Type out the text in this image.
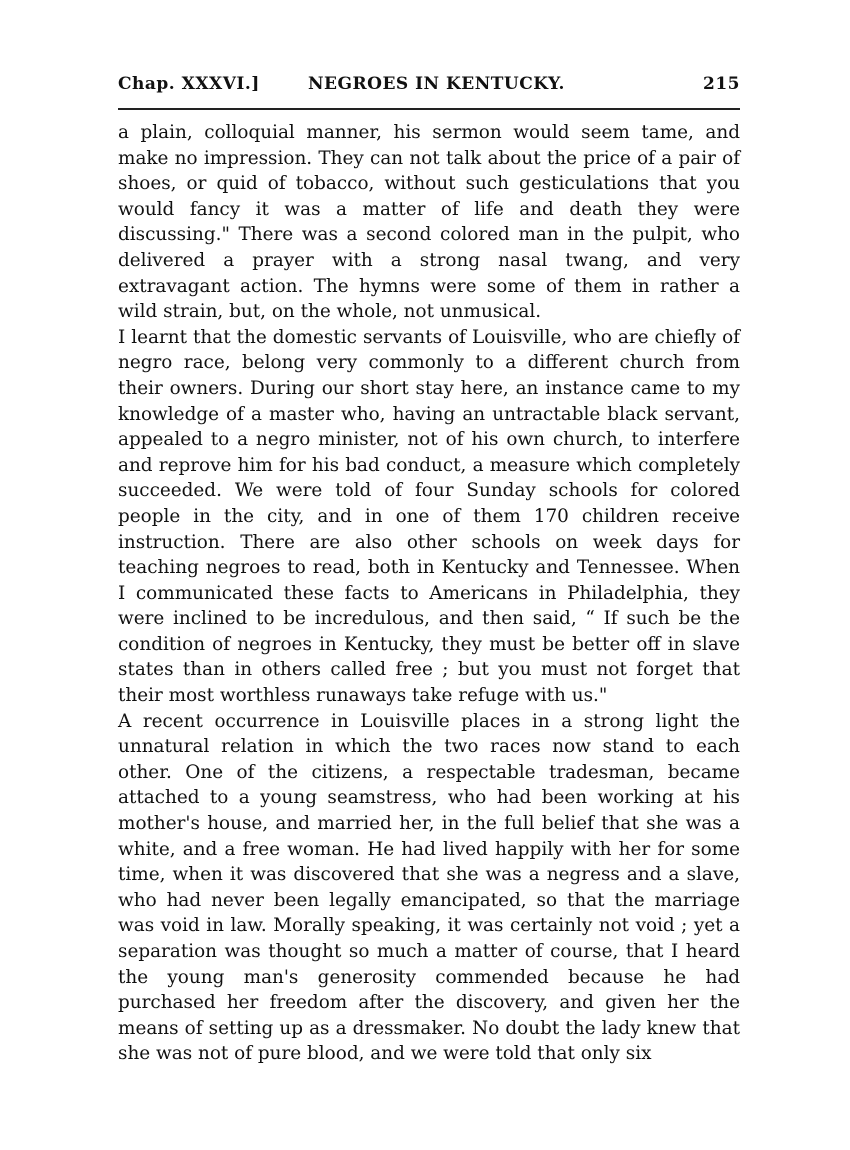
Chap. XXXVI.]	NEGROES IN KENTUCKY.	215

a plain, colloquial manner, his sermon would seem tame, and make no impression. They can not talk about the price of a pair of shoes, or quid of tobacco, without such gesticulations that you would fancy it was a matter of life and death they were discussing." There was a second colored man in the pulpit, who delivered a prayer with a strong nasal twang, and very extravagant action. The hymns were some of them in rather a wild strain, but, on the whole, not unmusical.

I learnt that the domestic servants of Louisville, who are chiefly of negro race, belong very commonly to a different church from their owners. During our short stay here, an instance came to my knowledge of a master who, having an untractable black servant, appealed to a negro minister, not of his own church, to interfere and reprove him for his bad conduct, a measure which completely succeeded. We were told of four Sunday schools for colored people in the city, and in one of them 170 children receive instruction. There are also other schools on week days for teaching negroes to read, both in Kentucky and Tennessee. When I communicated these facts to Americans in Philadelphia, they were inclined to be incredulous, and then said, “ If such be the condition of negroes in Kentucky, they must be better off in slave states than in others called free ; but you must not forget that their most worthless runaways take refuge with us."

A recent occurrence in Louisville places in a strong light the unnatural relation in which the two races now stand to each other. One of the citizens, a respectable tradesman, became attached to a young seamstress, who had been working at his mother's house, and married her, in the full belief that she was a white, and a free woman. He had lived happily with her for some time, when it was discovered that she was a negress and a slave, who had never been legally emancipated, so that the marriage was void in law. Morally speaking, it was certainly not void ; yet a separation was thought so much a matter of course, that I heard the young man's generosity commended because he had purchased her freedom after the discovery, and given her the means of setting up as a dressmaker. No doubt the lady knew that she was not of pure blood, and we were told that only six
